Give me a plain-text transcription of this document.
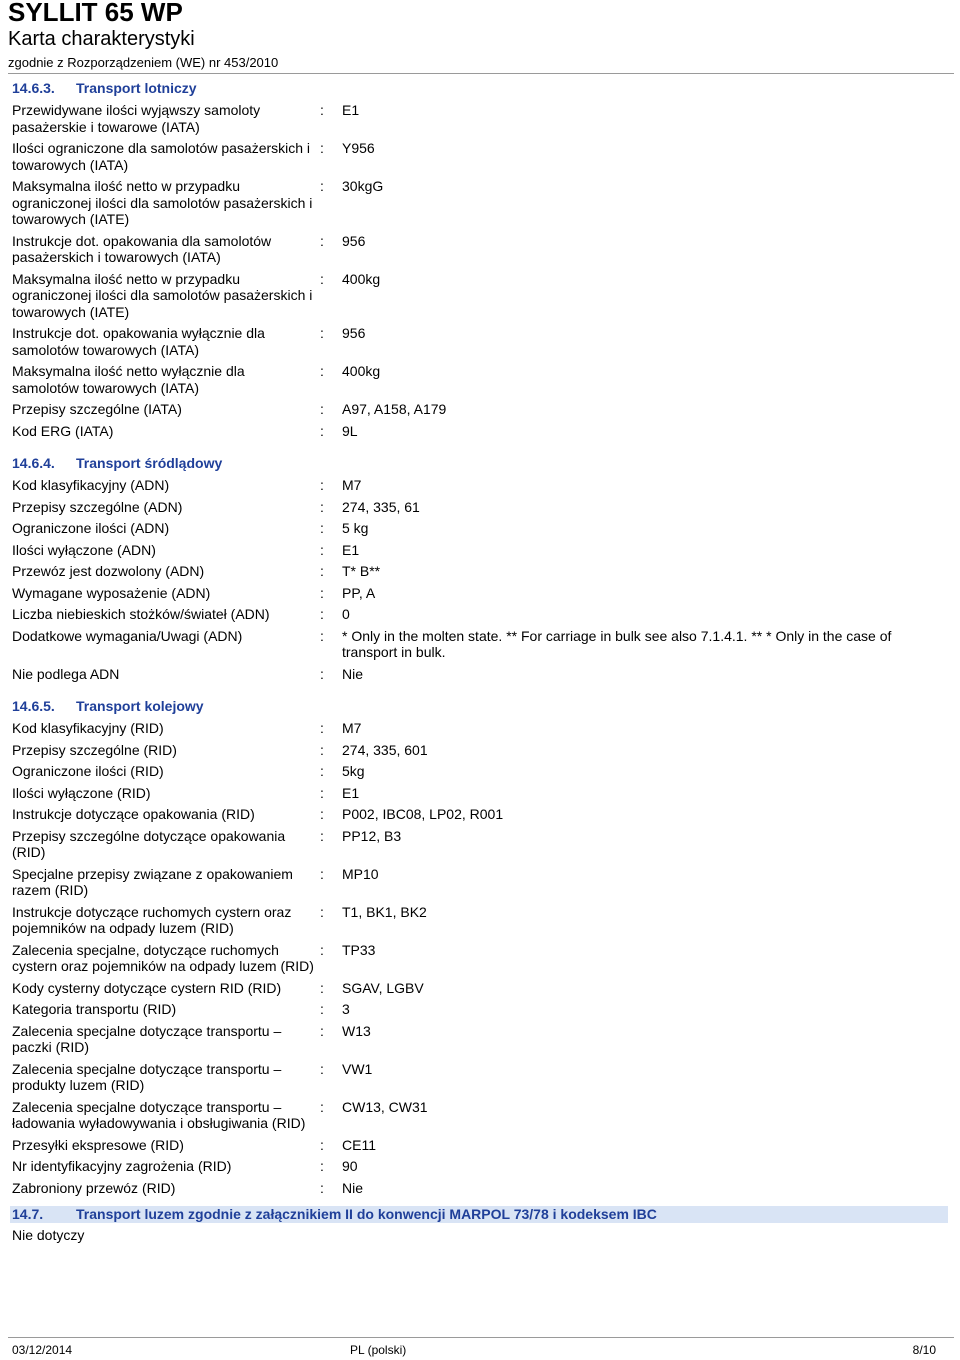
SYLLIT 65 WP
Karta charakterystyki
zgodnie z Rozporządzeniem (WE) nr 453/2010
14.6.3.	Transport lotniczy
Przewidywane ilości wyjąwszy samoloty pasażerskie i towarowe (IATA)
:	E1
Ilości ograniczone dla samolotów pasażerskich i towarowych (IATA)
:	Y956
Maksymalna ilość netto w przypadku ograniczonej ilości dla samolotów pasażerskich i towarowych (IATE)
:	30kgG
Instrukcje dot. opakowania dla samolotów pasażerskich i towarowych (IATA)
:	956
Maksymalna ilość netto w przypadku ograniczonej ilości dla samolotów pasażerskich i towarowych (IATE)
:	400kg
Instrukcje dot. opakowania wyłącznie dla samolotów towarowych (IATA)
:	956
Maksymalna ilość netto wyłącznie dla samolotów towarowych (IATA)
:	400kg
Przepisy szczególne (IATA)	:	A97, A158, A179
Kod ERG (IATA)	:	9L
14.6.4.	Transport śródlądowy
Kod klasyfikacyjny (ADN)	:	M7
Przepisy szczególne (ADN)	:	274, 335, 61
Ograniczone ilości (ADN)	:	5 kg
Ilości wyłączone (ADN)	:	E1
Przewóz jest dozwolony (ADN)	:	T* B**
Wymagane wyposażenie (ADN)	:	PP, A
Liczba niebieskich stożków/świateł (ADN)	:	0
Dodatkowe wymagania/Uwagi (ADN)	:	* Only in the molten state. ** For carriage in bulk see also 7.1.4.1. ** * Only in the case of transport in bulk.
Nie podlega ADN	:	Nie
14.6.5.	Transport kolejowy
Kod klasyfikacyjny (RID)	:	M7
Przepisy szczególne (RID)	:	274, 335, 601
Ograniczone ilości (RID)	:	5kg
Ilości wyłączone (RID)	:	E1
Instrukcje dotyczące opakowania (RID)	:	P002, IBC08, LP02, R001
Przepisy szczególne dotyczące opakowania (RID)
:	PP12, B3
Specjalne przepisy związane z opakowaniem razem (RID)
:	MP10
Instrukcje dotyczące ruchomych cystern oraz pojemników na odpady luzem (RID)
:	T1, BK1, BK2
Zalecenia specjalne, dotyczące ruchomych cystern oraz pojemników na odpady luzem (RID)
:	TP33
Kody cysterny dotyczące cystern RID (RID)	:	SGAV, LGBV
Kategoria transportu (RID)	:	3
Zalecenia specjalne dotyczące transportu – paczki (RID)
:	W13
Zalecenia specjalne dotyczące transportu – produkty luzem (RID)
:	VW1
Zalecenia specjalne dotyczące transportu – ładowania wyładowywania i obsługiwania (RID)
:	CW13, CW31
Przesyłki ekspresowe (RID)	:	CE11
Nr identyfikacyjny zagrożenia (RID)	:	90
Zabroniony przewóz (RID)	:	Nie
14.7.	Transport luzem zgodnie z załącznikiem II do konwencji MARPOL 73/78 i kodeksem IBC
Nie dotyczy
03/12/2014	PL (polski)	8/10
